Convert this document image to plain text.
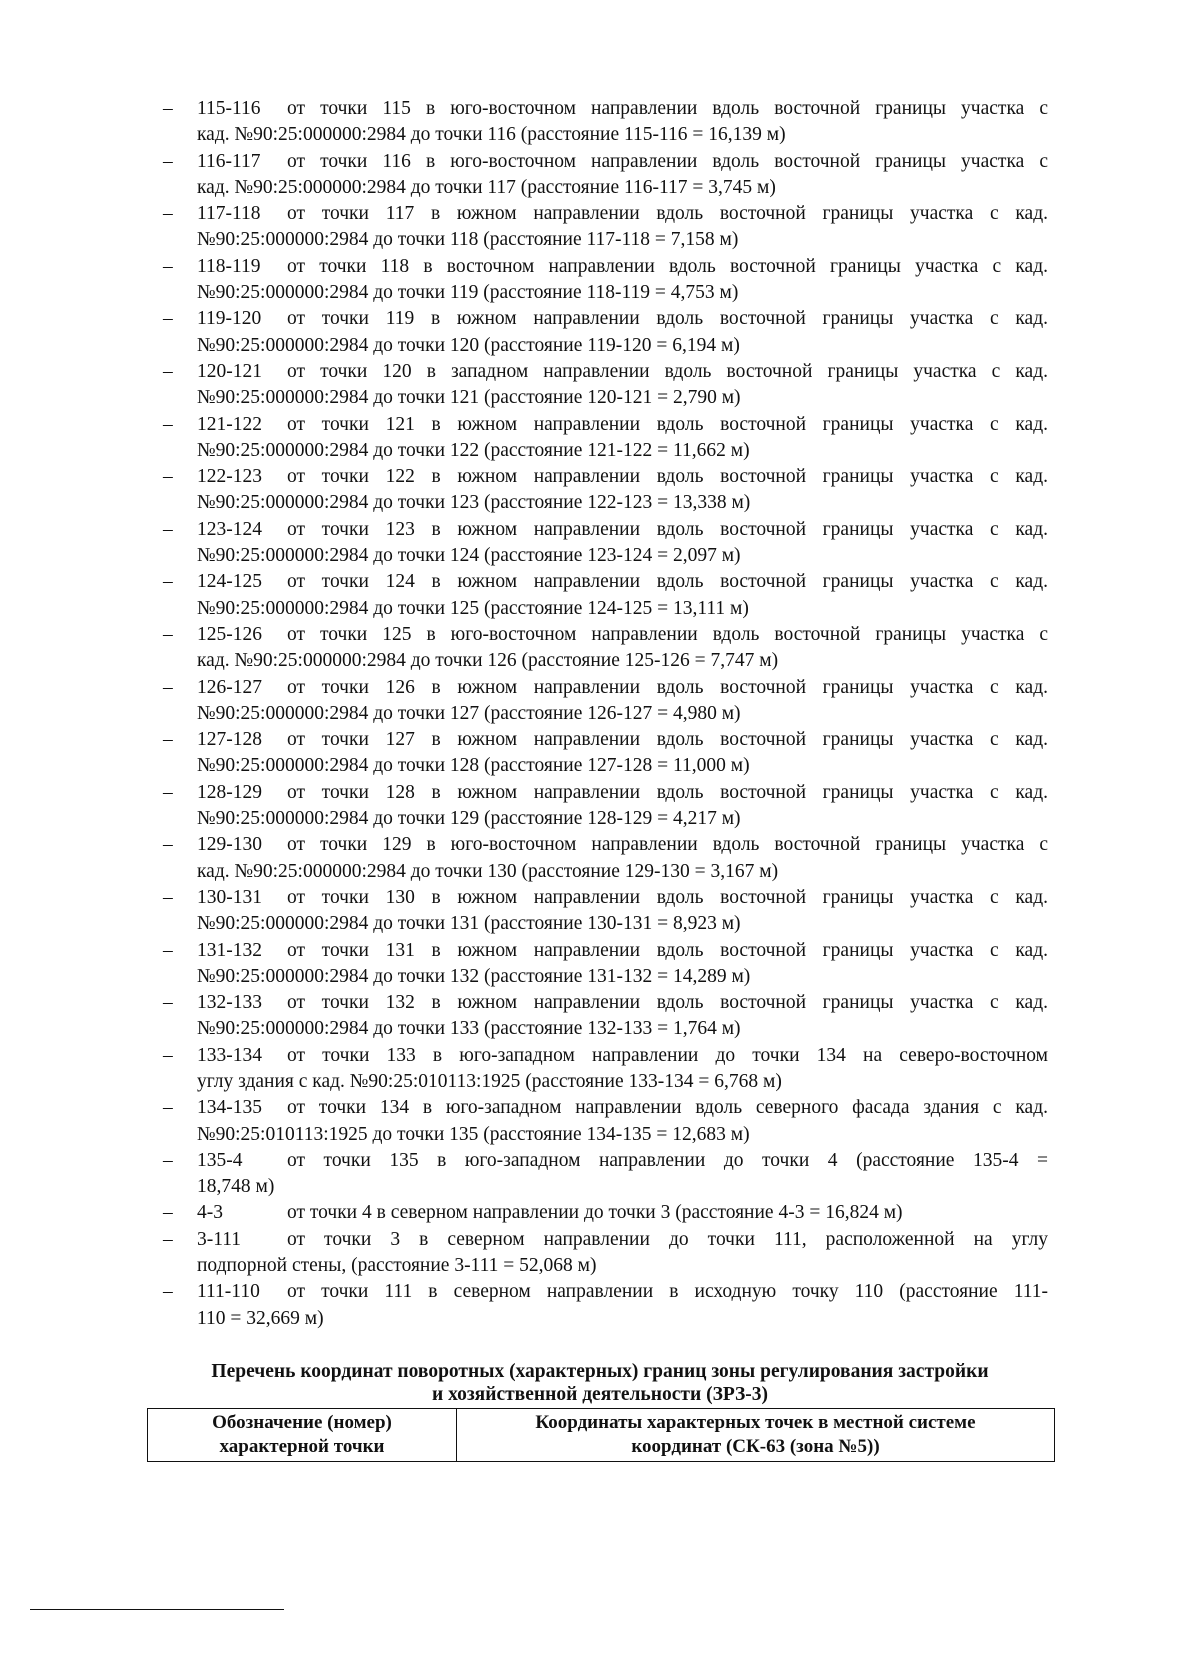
– 115-116 от точки 115 в юго-восточном направлении вдоль восточной границы участка с
кад. №90:25:000000:2984 до точки 116 (расстояние 115-116 = 16,139 м)
– 116-117 от точки 116 в юго-восточном направлении вдоль восточной границы участка с
кад. №90:25:000000:2984 до точки 117 (расстояние 116-117 = 3,745 м)
– 117-118 от точки 117 в южном направлении вдоль восточной границы участка с кад.
№90:25:000000:2984 до точки 118 (расстояние 117-118 = 7,158 м)
– 118-119 от точки 118 в восточном направлении вдоль восточной границы участка с кад.
№90:25:000000:2984 до точки 119 (расстояние 118-119 = 4,753 м)
– 119-120 от точки 119 в южном направлении вдоль восточной границы участка с кад.
№90:25:000000:2984 до точки 120 (расстояние 119-120 = 6,194 м)
– 120-121 от точки 120 в западном направлении вдоль восточной границы участка с кад.
№90:25:000000:2984 до точки 121 (расстояние 120-121 = 2,790 м)
– 121-122 от точки 121 в южном направлении вдоль восточной границы участка с кад.
№90:25:000000:2984 до точки 122 (расстояние 121-122 = 11,662 м)
– 122-123 от точки 122 в южном направлении вдоль восточной границы участка с кад.
№90:25:000000:2984 до точки 123 (расстояние 122-123 = 13,338 м)
– 123-124 от точки 123 в южном направлении вдоль восточной границы участка с кад.
№90:25:000000:2984 до точки 124 (расстояние 123-124 = 2,097 м)
– 124-125 от точки 124 в южном направлении вдоль восточной границы участка с кад.
№90:25:000000:2984 до точки 125 (расстояние 124-125 = 13,111 м)
– 125-126 от точки 125 в юго-восточном направлении вдоль восточной границы участка с
кад. №90:25:000000:2984 до точки 126 (расстояние 125-126 = 7,747 м)
– 126-127 от точки 126 в южном направлении вдоль восточной границы участка с кад.
№90:25:000000:2984 до точки 127 (расстояние 126-127 = 4,980 м)
– 127-128 от точки 127 в южном направлении вдоль восточной границы участка с кад.
№90:25:000000:2984 до точки 128 (расстояние 127-128 = 11,000 м)
– 128-129 от точки 128 в южном направлении вдоль восточной границы участка с кад.
№90:25:000000:2984 до точки 129 (расстояние 128-129 = 4,217 м)
– 129-130 от точки 129 в юго-восточном направлении вдоль восточной границы участка с
кад. №90:25:000000:2984 до точки 130 (расстояние 129-130 = 3,167 м)
– 130-131 от точки 130 в южном направлении вдоль восточной границы участка с кад.
№90:25:000000:2984 до точки 131 (расстояние 130-131 = 8,923 м)
– 131-132 от точки 131 в южном направлении вдоль восточной границы участка с кад.
№90:25:000000:2984 до точки 132 (расстояние 131-132 = 14,289 м)
– 132-133 от точки 132 в южном направлении вдоль восточной границы участка с кад.
№90:25:000000:2984 до точки 133 (расстояние 132-133 = 1,764 м)
– 133-134 от точки 133 в юго-западном направлении до точки 134 на северо-восточном
углу здания с кад. №90:25:010113:1925 (расстояние 133-134 = 6,768 м)
– 134-135 от точки 134 в юго-западном направлении вдоль северного фасада здания с кад.
№90:25:010113:1925 до точки 135 (расстояние 134-135 = 12,683 м)
– 135-4 от точки 135 в юго-западном направлении до точки 4 (расстояние 135-4 =
18,748 м)
– 4-3	от точки 4 в северном направлении до точки 3 (расстояние 4-3 = 16,824 м)
– 3-111 от точки 3 в северном направлении до точки 111, расположенной на углу
подпорной стены, (расстояние 3-111 = 52,068 м)
– 111-110 от точки 111 в северном направлении в исходную точку 110 (расстояние 111-
110 = 32,669 м)
Перечень координат поворотных (характерных) границ зоны регулирования застройки
и хозяйственной деятельности (ЗРЗ-3)
Обозначение (номер)
характерной точки

Координаты характерных точек в местной системе
координат (СК-63 (зона №5))
